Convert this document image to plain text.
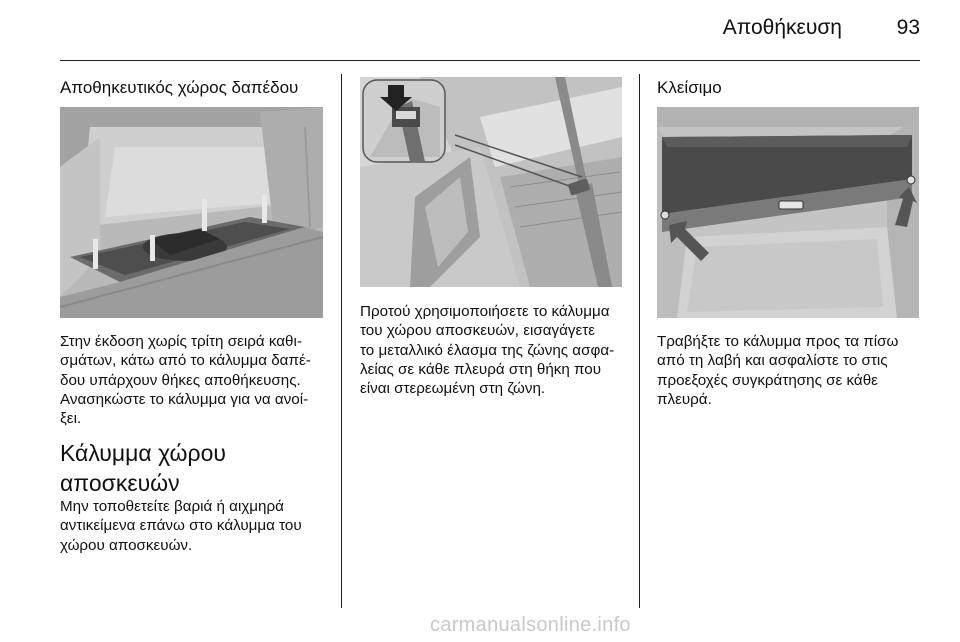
Αποθήκευση	93
Αποθηκευτικός χώρος δαπέδου

Στην έκδοση χωρίς τρίτη σειρά καθι-
σμάτων, κάτω από το κάλυμμα δαπέ-
δου υπάρχουν θήκες αποθήκευσης.
Ανασηκώστε το κάλυμμα για να ανοί-
ξει.

Κάλυμμα χώρου
αποσκευών

Μην τοποθετείτε βαριά ή αιχμηρά
αντικείμενα επάνω στο κάλυμμα του
χώρου αποσκευών.

Προτού χρησιμοποιήσετε το κάλυμμα
του χώρου αποσκευών, εισαγάγετε
το μεταλλικό έλασμα της ζώνης ασφα-
λείας σε κάθε πλευρά στη θήκη που
είναι στερεωμένη στη ζώνη.

Κλείσιμο

Τραβήξτε το κάλυμμα προς τα πίσω
από τη λαβή και ασφαλίστε το στις
προεξοχές συγκράτησης σε κάθε
πλευρά.

carmanualsonline.info
